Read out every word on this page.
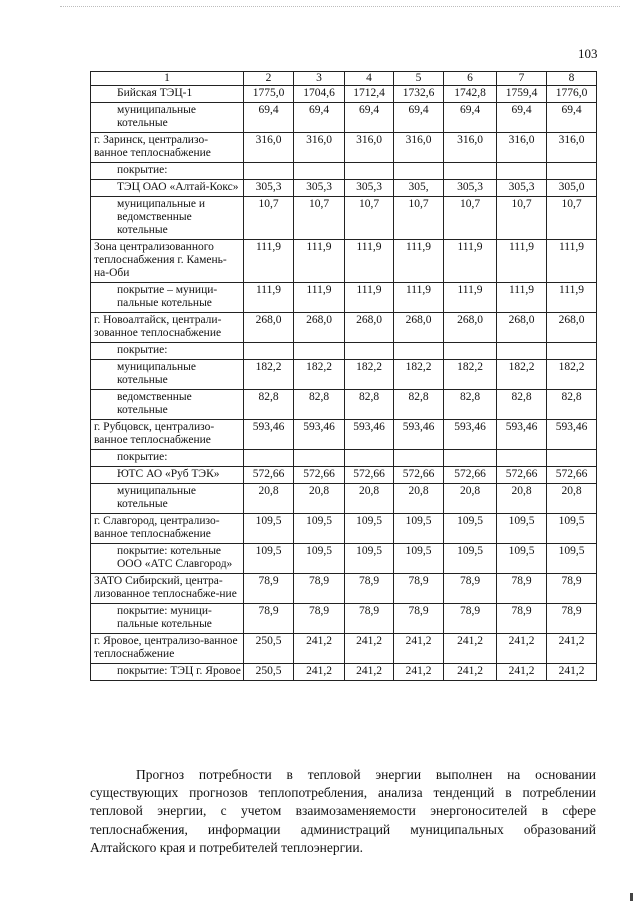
103
1	2	3	4	5	6	7	8
Бийская ТЭЦ-1	1775,0	1704,6	1712,4	1732,6	1742,8	1759,4	1776,0
муниципальные котельные	69,4	69,4	69,4	69,4	69,4	69,4	69,4
г. Заринск, централизо-ванное теплоснабжение	316,0	316,0	316,0	316,0	316,0	316,0	316,0
покрытие:							
ТЭЦ ОАО «Алтай-Кокс»	305,3	305,3	305,3	305,	305,3	305,3	305,0
муниципальные и ведомственные котельные	10,7	10,7	10,7	10,7	10,7	10,7	10,7
Зона централизованного теплоснабжения г. Камень-на-Оби	111,9	111,9	111,9	111,9	111,9	111,9	111,9
покрытие – муници-пальные котельные	111,9	111,9	111,9	111,9	111,9	111,9	111,9
г. Новоалтайск, централи-зованное теплоснабжение	268,0	268,0	268,0	268,0	268,0	268,0	268,0
покрытие:							
муниципальные котельные	182,2	182,2	182,2	182,2	182,2	182,2	182,2
ведомственные котельные	82,8	82,8	82,8	82,8	82,8	82,8	82,8
г. Рубцовск, централизо-ванное теплоснабжение	593,46	593,46	593,46	593,46	593,46	593,46	593,46
покрытие:							
ЮТС АО «Руб ТЭК»	572,66	572,66	572,66	572,66	572,66	572,66	572,66
муниципальные котельные	20,8	20,8	20,8	20,8	20,8	20,8	20,8
г. Славгород, централизо-ванное теплоснабжение	109,5	109,5	109,5	109,5	109,5	109,5	109,5
покрытие: котельные ООО «АТС Славгород»	109,5	109,5	109,5	109,5	109,5	109,5	109,5
ЗАТО Сибирский, центра-лизованное теплоснабже-ние	78,9	78,9	78,9	78,9	78,9	78,9	78,9
покрытие: муници-пальные котельные	78,9	78,9	78,9	78,9	78,9	78,9	78,9
г. Яровое, централизо-ванное теплоснабжение	250,5	241,2	241,2	241,2	241,2	241,2	241,2
покрытие: ТЭЦ г. Яровое	250,5	241,2	241,2	241,2	241,2	241,2	241,2
Прогноз потребности в тепловой энергии выполнен на основании существующих прогнозов теплопотребления, анализа тенденций в потреблении тепловой энергии, с учетом взаимозаменяемости энергоносителей в сфере теплоснабжения, информации администраций муниципальных образований Алтайского края и потребителей теплоэнергии.
